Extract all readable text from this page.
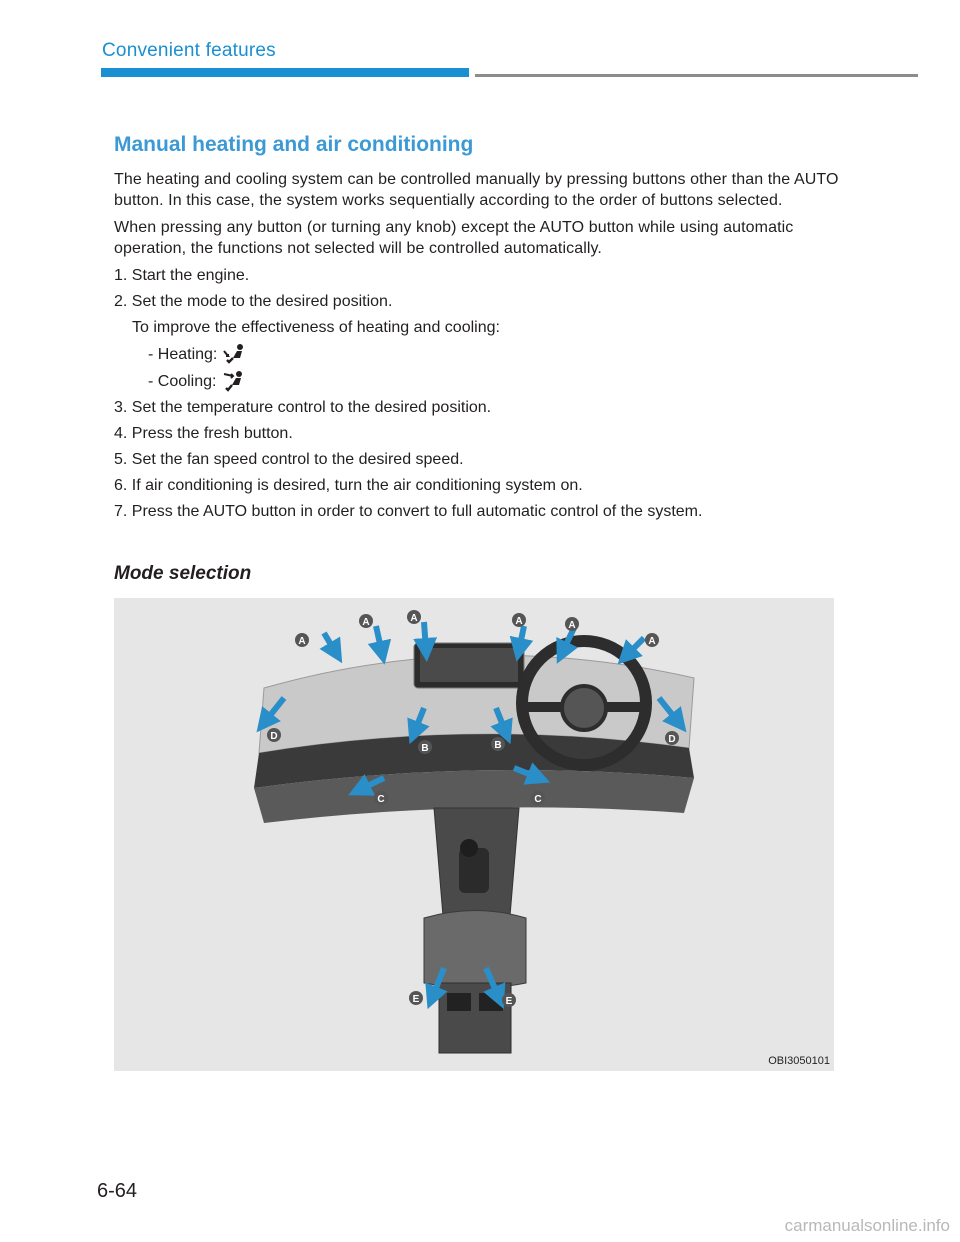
Convenient features
Manual heating and air conditioning

The heating and cooling system can be controlled manually by pressing buttons other than the AUTO button. In this case, the system works sequentially according to the order of buttons selected.

When pressing any button (or turning any knob) except the AUTO button while using automatic operation, the functions not selected will be controlled automatically.

1. Start the engine.
2. Set the mode to the desired position.
To improve the effectiveness of heating and cooling:
- Heating:
- Cooling:
3. Set the temperature control to the desired position.
4. Press the fresh button.
5. Set the fan speed control to the desired speed.
6. If air conditioning is desired, turn the air conditioning system on.
7. Press the AUTO button in order to convert to full automatic control of the system.
Mode selection
A
A	A	A	A
A
B	B
C	C
D	D
E	E
OBI3050101
6-64
carmanualsonline.info
